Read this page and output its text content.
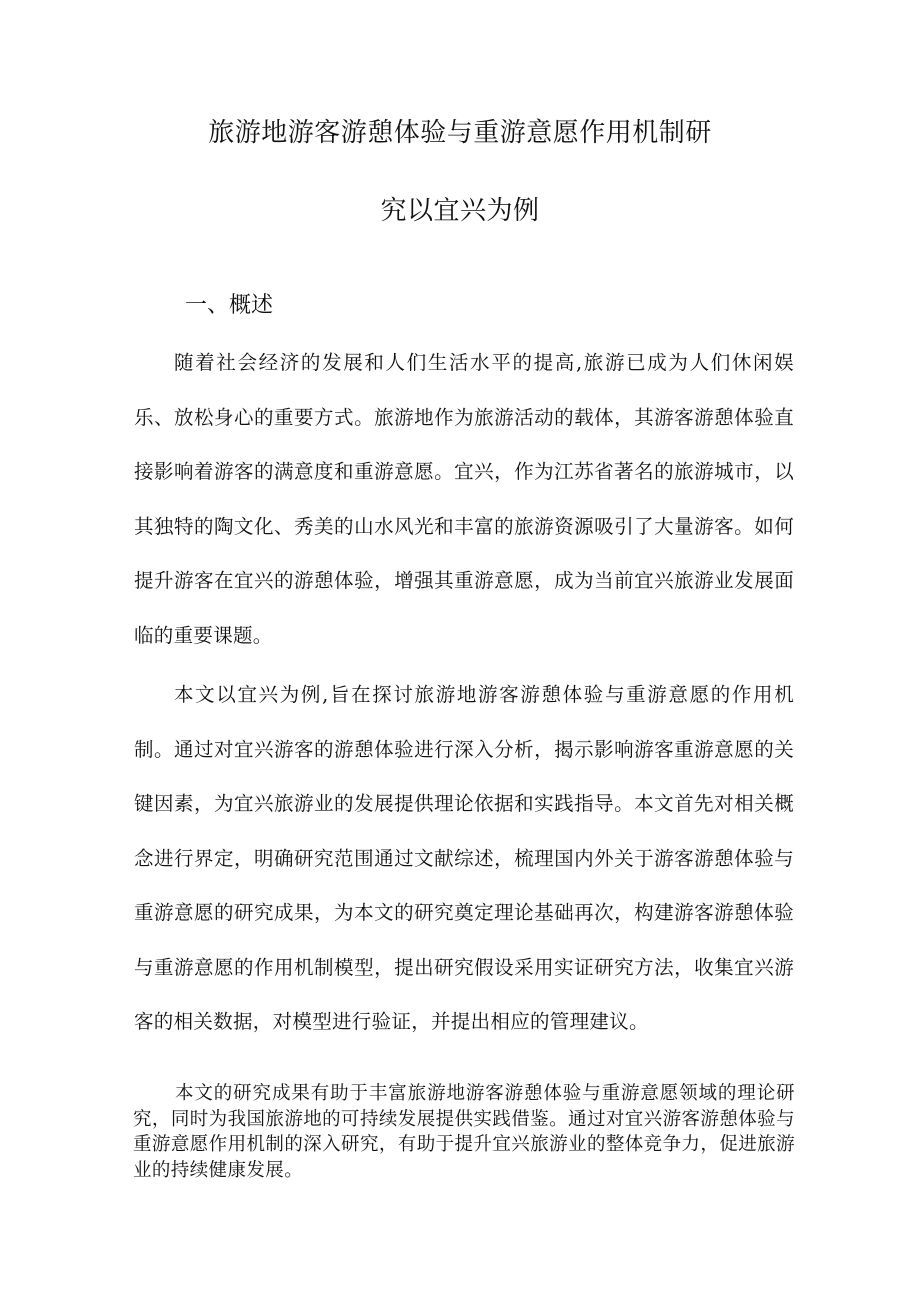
旅游地游客游憩体验与重游意愿作用机制研
究以宜兴为例
一、概述

随着社会经济的发展和人们生活水平的提高,旅游已成为人们休闲娱乐、放松身心的重要方式。旅游地作为旅游活动的载体，其游客游憩体验直接影响着游客的满意度和重游意愿。宜兴，作为江苏省著名的旅游城市，以其独特的陶文化、秀美的山水风光和丰富的旅游资源吸引了大量游客。如何提升游客在宜兴的游憩体验，增强其重游意愿，成为当前宜兴旅游业发展面临的重要课题。

本文以宜兴为例,旨在探讨旅游地游客游憩体验与重游意愿的作用机制。通过对宜兴游客的游憩体验进行深入分析，揭示影响游客重游意愿的关键因素，为宜兴旅游业的发展提供理论依据和实践指导。本文首先对相关概念进行界定，明确研究范围通过文献综述，梳理国内外关于游客游憩体验与重游意愿的研究成果，为本文的研究奠定理论基础再次，构建游客游憩体验与重游意愿的作用机制模型，提出研究假设采用实证研究方法，收集宜兴游客的相关数据，对模型进行验证，并提出相应的管理建议。

本文的研究成果有助于丰富旅游地游客游憩体验与重游意愿领域的理论研究，同时为我国旅游地的可持续发展提供实践借鉴。通过对宜兴游客游憩体验与重游意愿作用机制的深入研究，有助于提升宜兴旅游业的整体竞争力，促进旅游业的持续健康发展。
